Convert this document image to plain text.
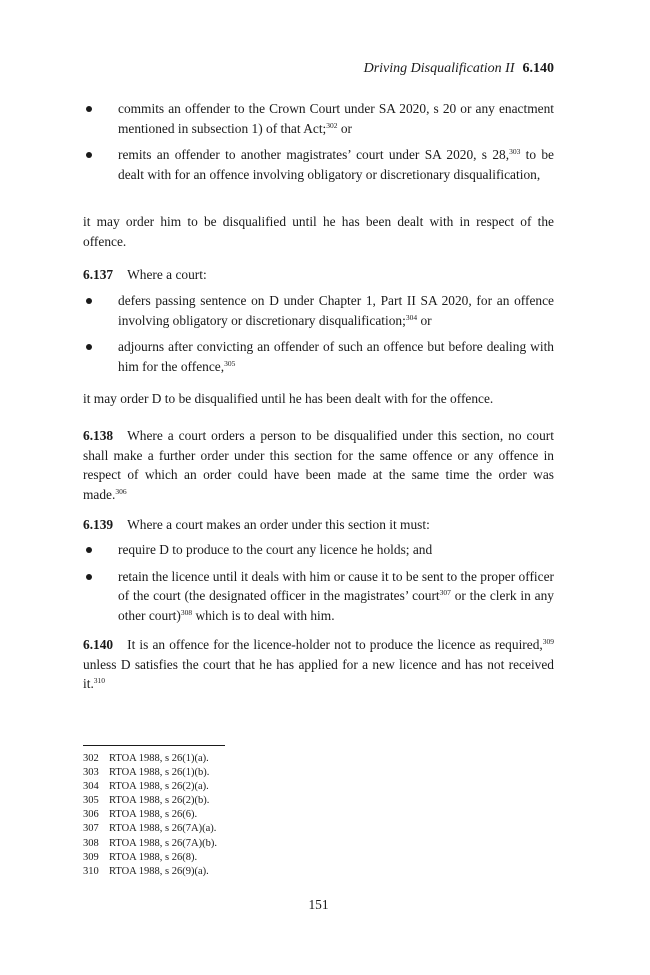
Driving Disqualification II 6.140
commits an offender to the Crown Court under SA 2020, s 20 or any enactment mentioned in subsection 1) of that Act;$^{302}$ or
remits an offender to another magistrates’ court under SA 2020, s 28,$^{303}$ to be dealt with for an offence involving obligatory or discretionary disqualification,

it may order him to be disqualified until he has been dealt with in respect of the offence.

6.137 Where a court:

defers passing sentence on D under Chapter 1, Part II SA 2020, for an offence involving obligatory or discretionary disqualification;$^{304}$ or
adjourns after convicting an offender of such an offence but before dealing with him for the offence,$^{305}$

it may order D to be disqualified until he has been dealt with for the offence.

6.138 Where a court orders a person to be disqualified under this section, no court shall make a further order under this section for the same offence or any offence in respect of which an order could have been made at the same time the order was made.$^{306}$

6.139 Where a court makes an order under this section it must:

require D to produce to the court any licence he holds; and
retain the licence until it deals with him or cause it to be sent to the proper officer of the court (the designated officer in the magistrates’ court$^{307}$ or the clerk in any other court)$^{308}$ which is to deal with him.

6.140 It is an offence for the licence-holder not to produce the licence as required,$^{309}$ unless D satisfies the court that he has applied for a new licence and has not received it.$^{310}$

302 RTOA 1988, s 26(1)(a).
303 RTOA 1988, s 26(1)(b).
304 RTOA 1988, s 26(2)(a).
305 RTOA 1988, s 26(2)(b).
306 RTOA 1988, s 26(6).
307 RTOA 1988, s 26(7A)(a).
308 RTOA 1988, s 26(7A)(b).
309 RTOA 1988, s 26(8).
310 RTOA 1988, s 26(9)(a).
151
